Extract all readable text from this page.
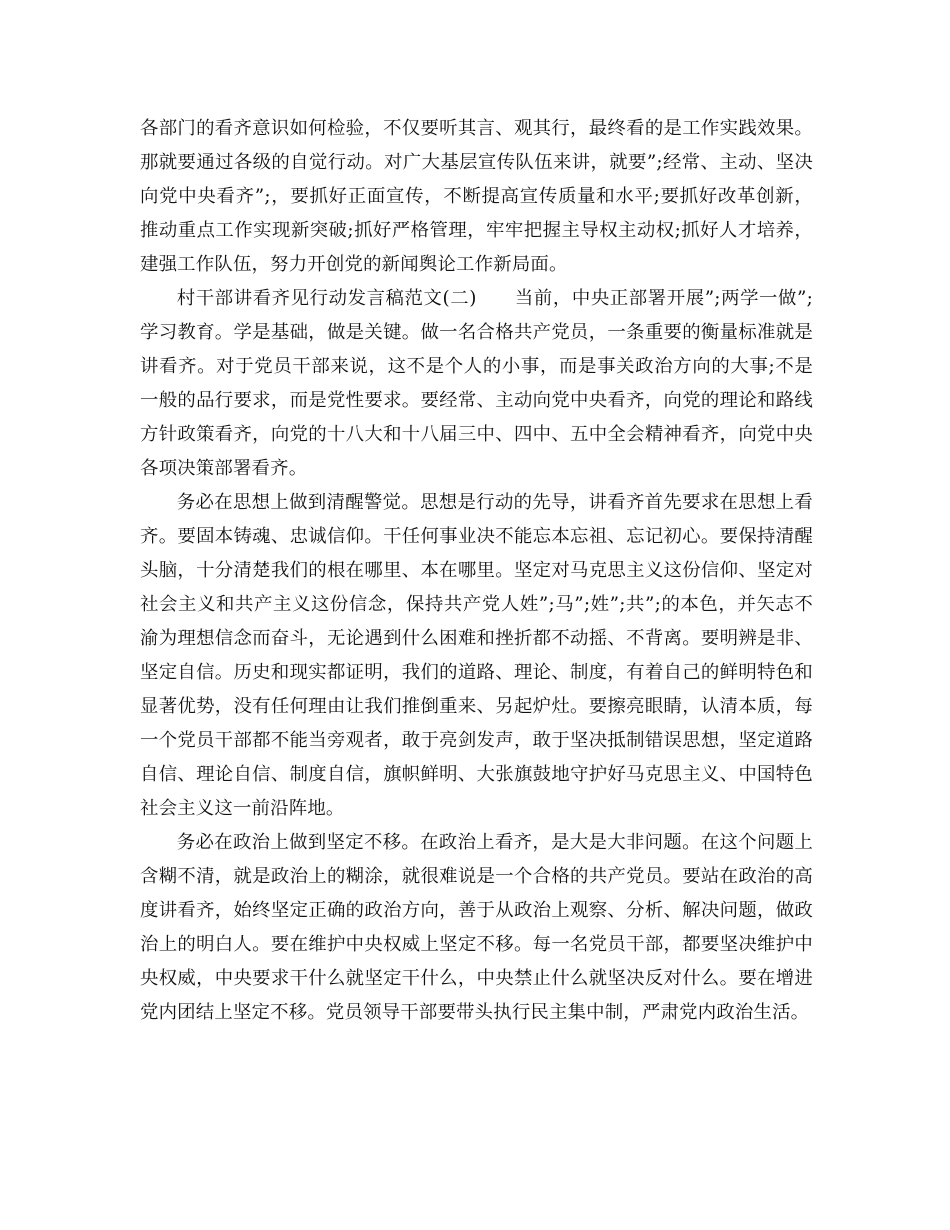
各部门的看齐意识如何检验，不仅要听其言、观其行，最终看的是工作实践效果。那就要通过各级的自觉行动。对广大基层宣传队伍来讲，就要”;经常、主动、坚决向党中央看齐”;，要抓好正面宣传，不断提高宣传质量和水平;要抓好改革创新，推动重点工作实现新突破;抓好严格管理，牢牢把握主导权主动权;抓好人才培养，建强工作队伍，努力开创党的新闻舆论工作新局面。

村干部讲看齐见行动发言稿范文(二)　　当前，中央正部署开展”;两学一做”;学习教育。学是基础，做是关键。做一名合格共产党员，一条重要的衡量标准就是讲看齐。对于党员干部来说，这不是个人的小事，而是事关政治方向的大事;不是一般的品行要求，而是党性要求。要经常、主动向党中央看齐，向党的理论和路线方针政策看齐，向党的十八大和十八届三中、四中、五中全会精神看齐，向党中央各项决策部署看齐。

务必在思想上做到清醒警觉。思想是行动的先导，讲看齐首先要求在思想上看齐。要固本铸魂、忠诚信仰。干任何事业决不能忘本忘祖、忘记初心。要保持清醒头脑，十分清楚我们的根在哪里、本在哪里。坚定对马克思主义这份信仰、坚定对社会主义和共产主义这份信念，保持共产党人姓”;马”;姓”;共”;的本色，并矢志不渝为理想信念而奋斗，无论遇到什么困难和挫折都不动摇、不背离。要明辨是非、坚定自信。历史和现实都证明，我们的道路、理论、制度，有着自己的鲜明特色和显著优势，没有任何理由让我们推倒重来、另起炉灶。要擦亮眼睛，认清本质，每一个党员干部都不能当旁观者，敢于亮剑发声，敢于坚决抵制错误思想，坚定道路自信、理论自信、制度自信，旗帜鲜明、大张旗鼓地守护好马克思主义、中国特色社会主义这一前沿阵地。

务必在政治上做到坚定不移。在政治上看齐，是大是大非问题。在这个问题上含糊不清，就是政治上的糊涂，就很难说是一个合格的共产党员。要站在政治的高度讲看齐，始终坚定正确的政治方向，善于从政治上观察、分析、解决问题，做政治上的明白人。要在维护中央权威上坚定不移。每一名党员干部，都要坚决维护中央权威，中央要求干什么就坚定干什么，中央禁止什么就坚决反对什么。要在增进党内团结上坚定不移。党员领导干部要带头执行民主集中制，严肃党内政治生活。
